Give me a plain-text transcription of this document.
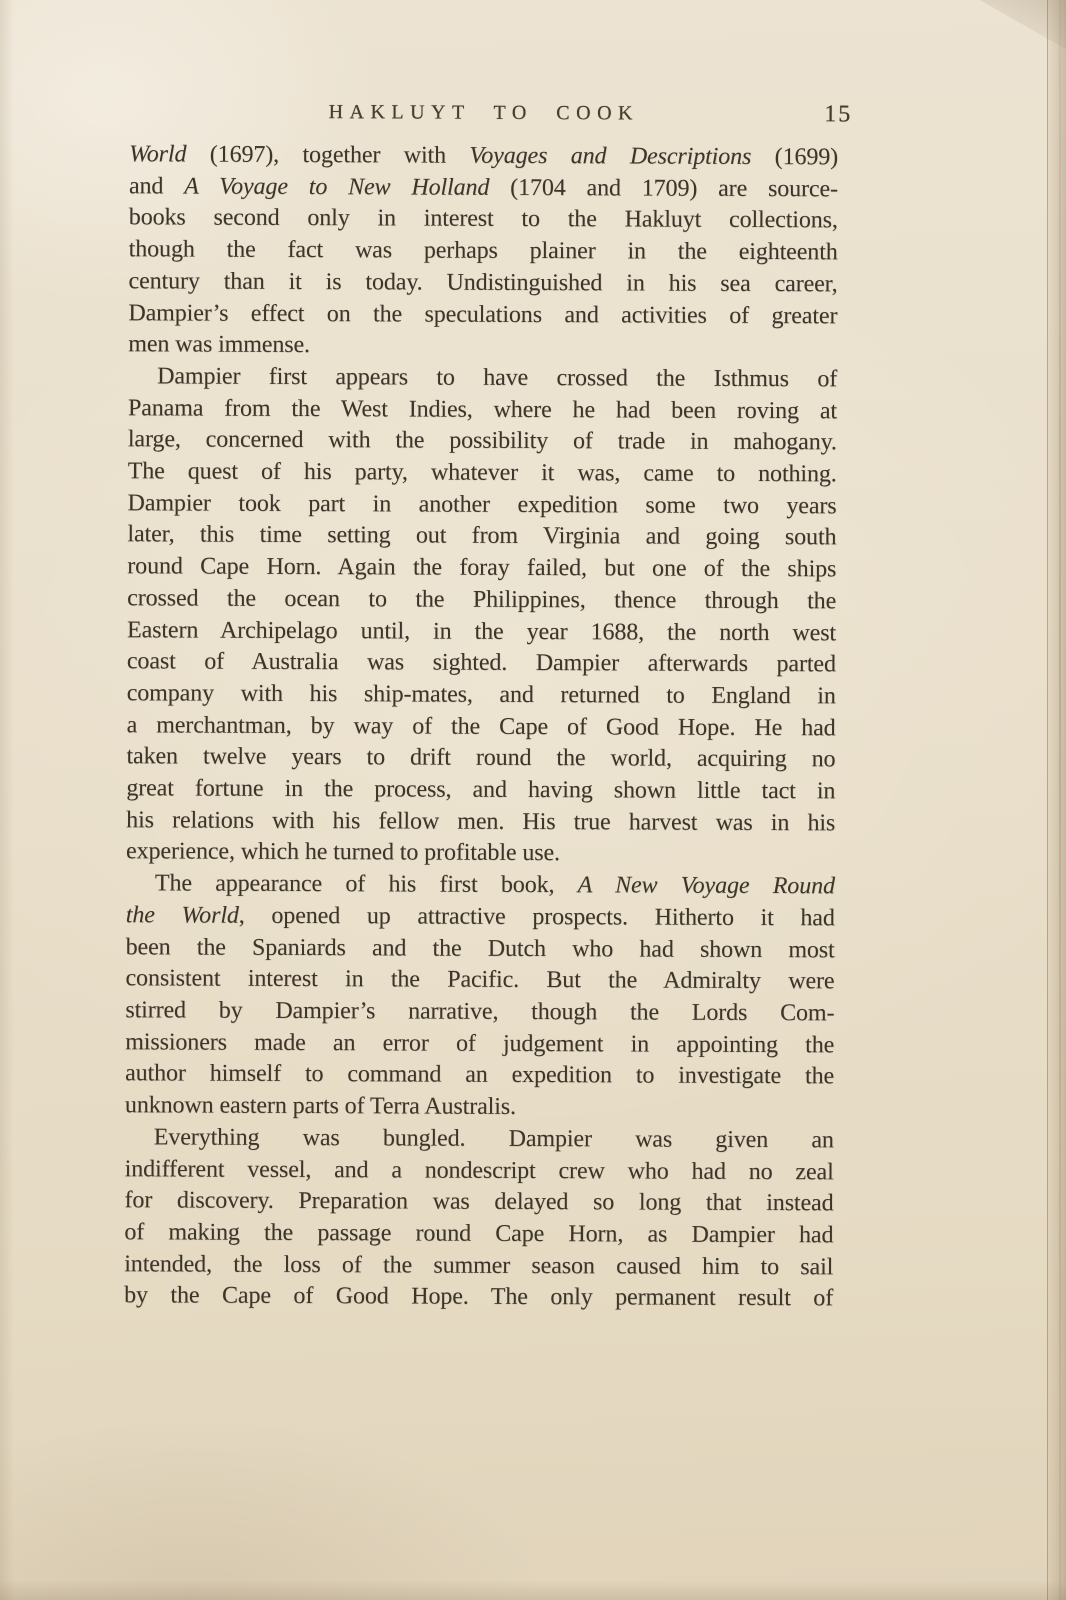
HAKLUYT TO COOK	15
World (1697), together with Voyages and Descriptions (1699)
and A Voyage to New Holland (1704 and 1709) are source-
books second only in interest to the Hakluyt collections,
though the fact was perhaps plainer in the eighteenth
century than it is today. Undistinguished in his sea career,
Dampier’s effect on the speculations and activities of greater
men was immense.
Dampier first appears to have crossed the Isthmus of
Panama from the West Indies, where he had been roving at
large, concerned with the possibility of trade in mahogany.
The quest of his party, whatever it was, came to nothing.
Dampier took part in another expedition some two years
later, this time setting out from Virginia and going south
round Cape Horn. Again the foray failed, but one of the ships
crossed the ocean to the Philippines, thence through the
Eastern Archipelago until, in the year 1688, the north west
coast of Australia was sighted. Dampier afterwards parted
company with his ship-mates, and returned to England in
a merchantman, by way of the Cape of Good Hope. He had
taken twelve years to drift round the world, acquiring no
great fortune in the process, and having shown little tact in
his relations with his fellow men. His true harvest was in his
experience, which he turned to profitable use.
The appearance of his first book, A New Voyage Round
the World, opened up attractive prospects. Hitherto it had
been the Spaniards and the Dutch who had shown most
consistent interest in the Pacific. But the Admiralty were
stirred by Dampier’s narrative, though the Lords Com-
missioners made an error of judgement in appointing the
author himself to command an expedition to investigate the
unknown eastern parts of Terra Australis.
Everything was bungled. Dampier was given an
indifferent vessel, and a nondescript crew who had no zeal
for discovery. Preparation was delayed so long that instead
of making the passage round Cape Horn, as Dampier had
intended, the loss of the summer season caused him to sail
by the Cape of Good Hope. The only permanent result of
